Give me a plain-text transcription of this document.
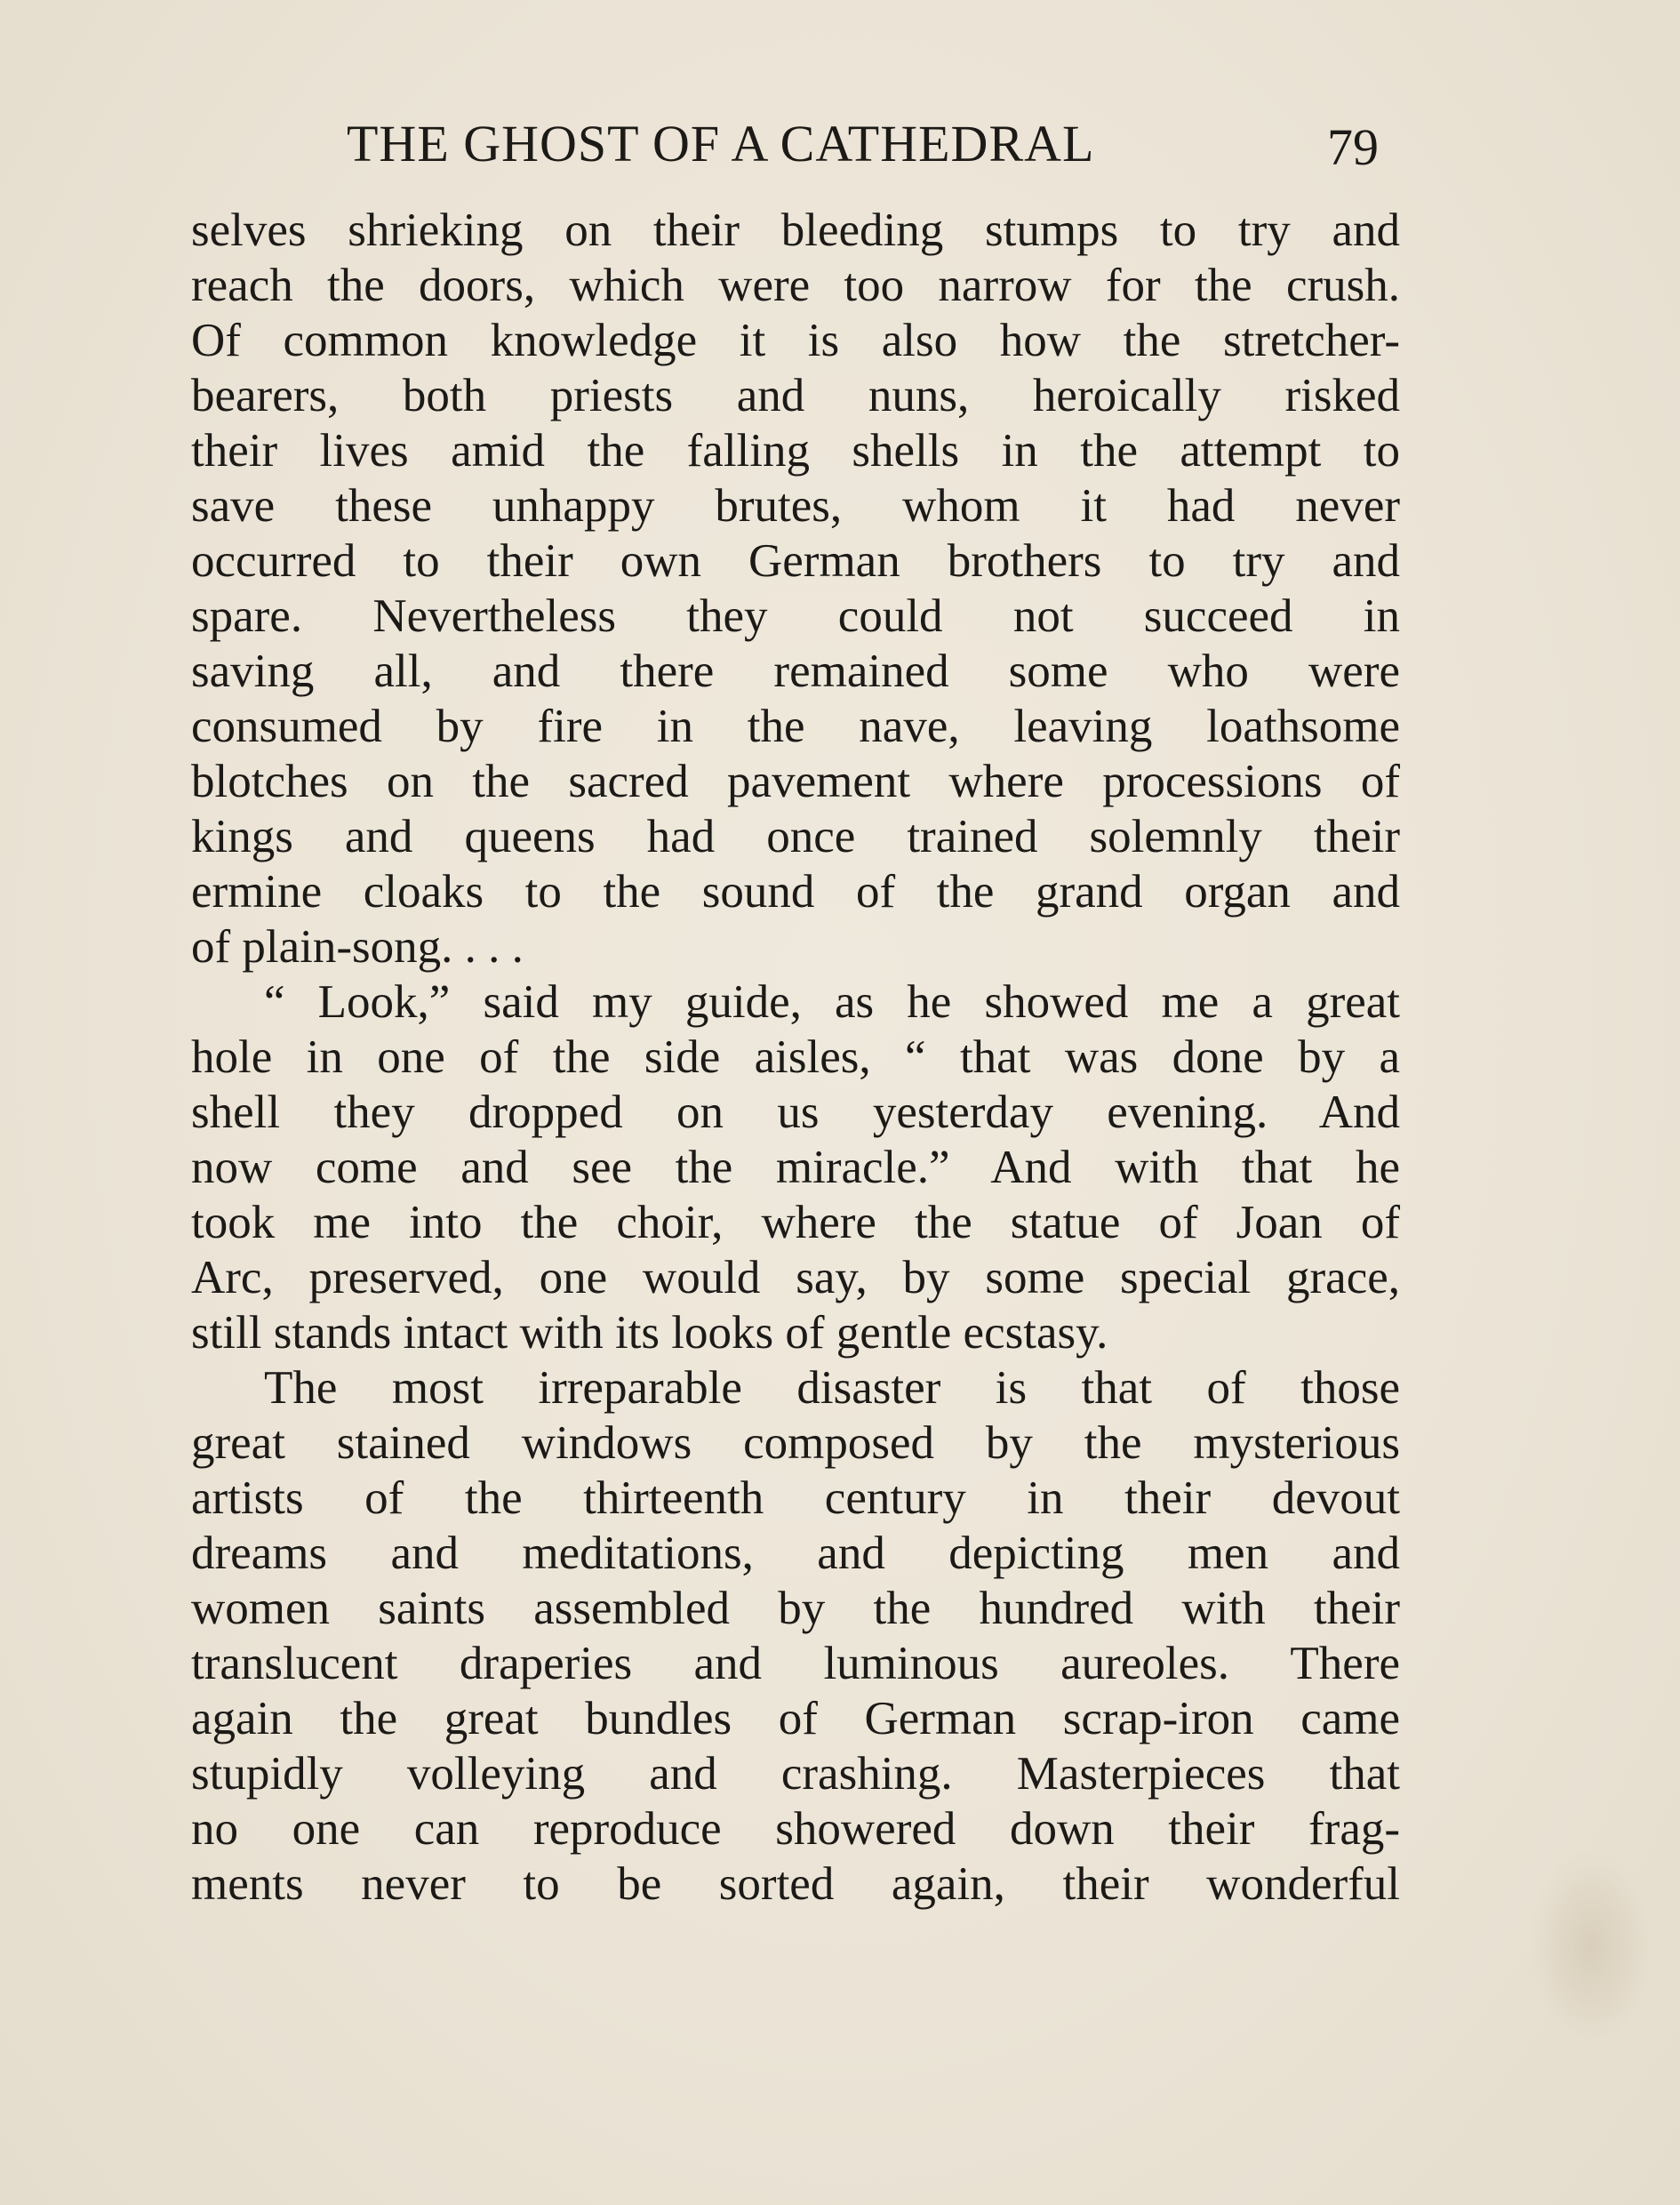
THE GHOST OF A CATHEDRAL	79
selves shrieking on their bleeding stumps to try and
reach the doors, which were too narrow for the crush.
Of common knowledge it is also how the stretcher-
bearers, both priests and nuns, heroically risked
their lives amid the falling shells in the attempt to
save these unhappy brutes, whom it had never
occurred to their own German brothers to try and
spare. Nevertheless they could not succeed in
saving all, and there remained some who were
consumed by fire in the nave, leaving loathsome
blotches on the sacred pavement where processions of
kings and queens had once trained solemnly their
ermine cloaks to the sound of the grand organ and
of plain-song. . . .
“ Look,” said my guide, as he showed me a great
hole in one of the side aisles, “ that was done by a
shell they dropped on us yesterday evening. And
now come and see the miracle.” And with that he
took me into the choir, where the statue of Joan of
Arc, preserved, one would say, by some special grace,
still stands intact with its looks of gentle ecstasy.
The most irreparable disaster is that of those
great stained windows composed by the mysterious
artists of the thirteenth century in their devout
dreams and meditations, and depicting men and
women saints assembled by the hundred with their
translucent draperies and luminous aureoles. There
again the great bundles of German scrap-iron came
stupidly volleying and crashing. Masterpieces that
no one can reproduce showered down their frag-
ments never to be sorted again, their wonderful
